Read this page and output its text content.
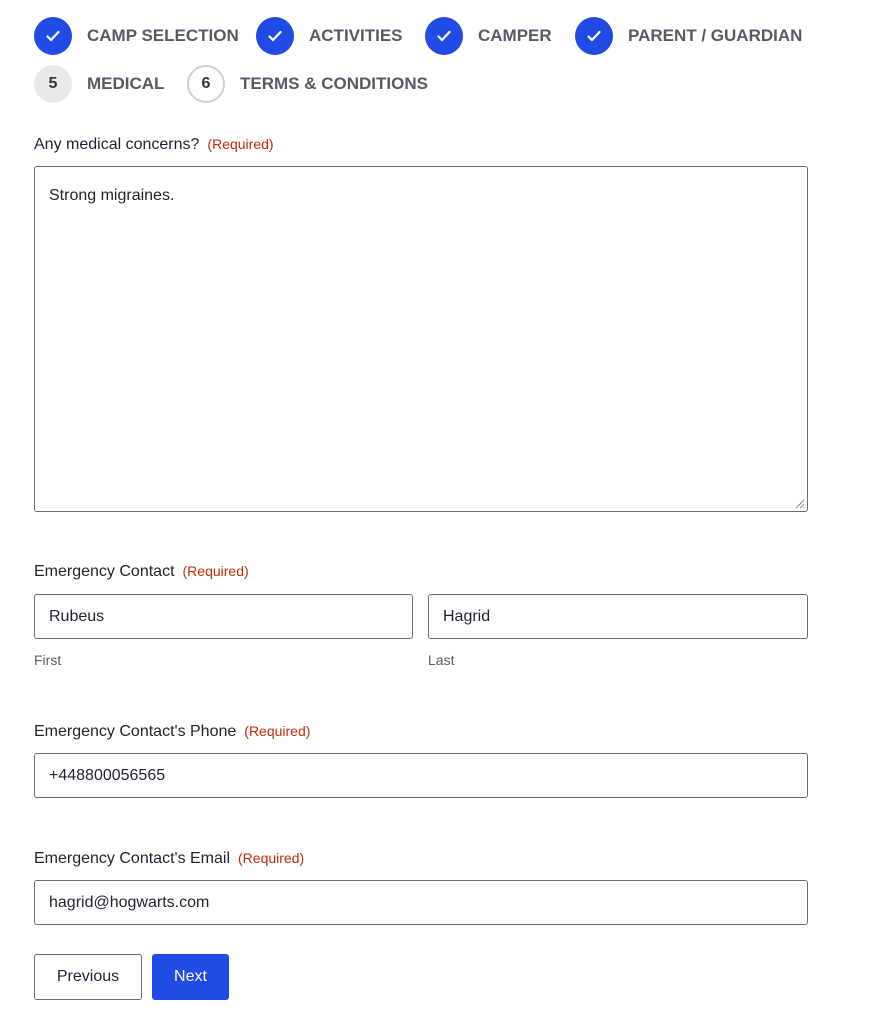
CAMP SELECTION	ACTIVITIES	CAMPER	PARENT / GUARDIAN
5	MEDICAL	6	TERMS & CONDITIONS
Any medical concerns? (Required)
Strong migraines.
Emergency Contact (Required)
Rubeus	Hagrid
First	Last
Emergency Contact's Phone (Required)
+448800056565
Emergency Contact's Email (Required)
hagrid@hogwarts.com
Previous	Next
